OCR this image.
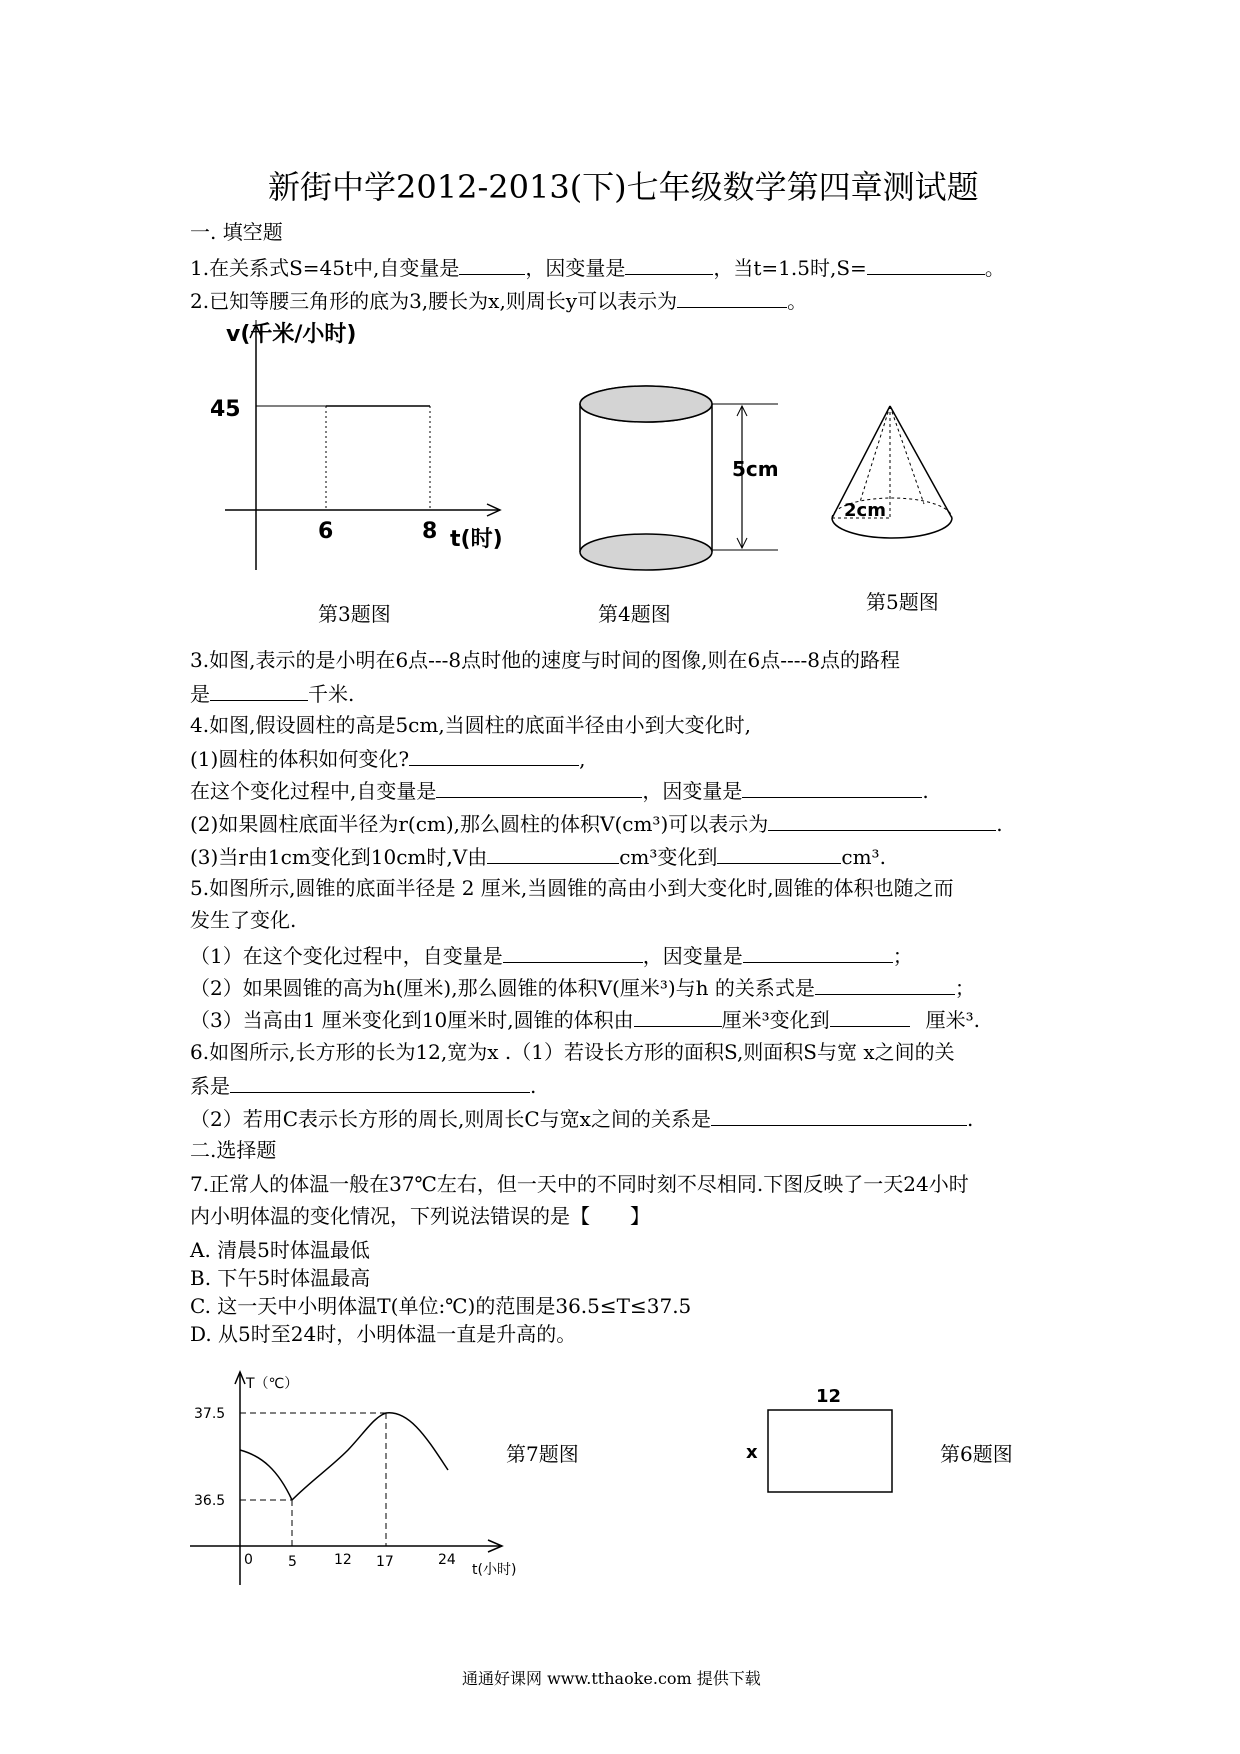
新街中学2012-2013(下)七年级数学第四章测试题
一. 填空题
1.在关系式S=45t中,自变量是	，因变量是	，当t=1.5时,S=	。
2.已知等腰三角形的底为3,腰长为x,则周长y可以表示为	。
v(千米/小时)
45
6	8 t(时)
第3题图
5cm
第4题图
2cm
第5题图
3.如图,表示的是小明在6点---8点时他的速度与时间的图像,则在6点----8点的路程
是	千米.
4.如图,假设圆柱的高是5cm,当圆柱的底面半径由小到大变化时,
(1)圆柱的体积如何变化?	,
在这个变化过程中,自变量是	，因变量是	.
(2)如果圆柱底面半径为r(cm),那么圆柱的体积V(cm³)可以表示为	.
(3)当r由1cm变化到10cm时,V由	cm³变化到	cm³.
5.如图所示,圆锥的底面半径是 2 厘米,当圆锥的高由小到大变化时,圆锥的体积也随之而
发生了变化.
（1）在这个变化过程中，自变量是	，因变量是	；
（2）如果圆锥的高为h(厘米),那么圆锥的体积V(厘米³)与h 的关系式是	；
（3）当高由1 厘米变化到10厘米时,圆锥的体积由	厘米³变化到	厘米³.
6.如图所示,长方形的长为12,宽为x .（1）若设长方形的面积S,则面积S与宽 x之间的关
系是	.
（2）若用C表示长方形的周长,则周长C与宽x之间的关系是	.
二.选择题
7.正常人的体温一般在37℃左右，但一天中的不同时刻不尽相同.下图反映了一天24小时
内小明体温的变化情况，下列说法错误的是【　　】
A. 清晨5时体温最低
B. 下午5时体温最高
C. 这一天中小明体温T(单位:℃)的范围是36.5≤T≤37.5
D. 从5时至24时，小明体温一直是升高的。
T（℃）
37.5
36.5
0	5	12 17	24
t(小时)
第7题图
12
x	第6题图
通通好课网 www.tthaoke.com 提供下载
